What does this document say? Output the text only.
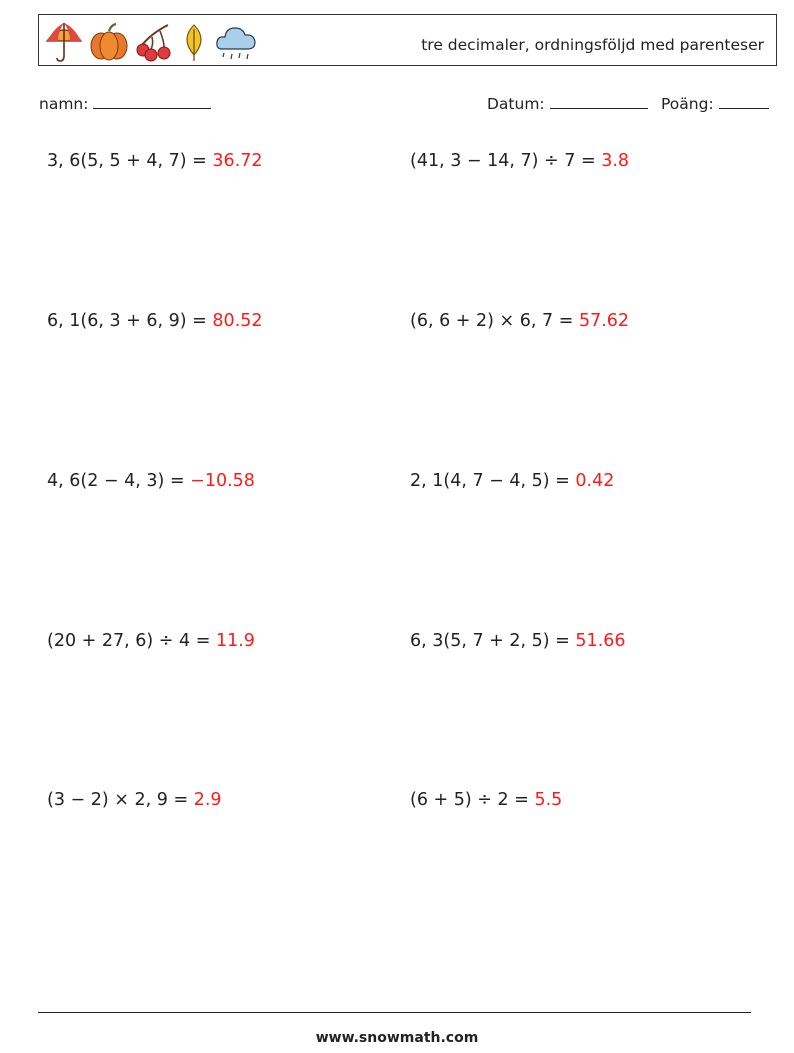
tre decimaler, ordningsföljd med parenteser
namn:	Datum:	Poäng:
3, 6(5, 5 + 4, 7) = 36.72	(41, 3 − 14, 7) ÷ 7 = 3.8
6, 1(6, 3 + 6, 9) = 80.52	(6, 6 + 2) × 6, 7 = 57.62
4, 6(2 − 4, 3) = −10.58	2, 1(4, 7 − 4, 5) = 0.42
(20 + 27, 6) ÷ 4 = 11.9	6, 3(5, 7 + 2, 5) = 51.66
(3 − 2) × 2, 9 = 2.9	(6 + 5) ÷ 2 = 5.5
www.snowmath.com
